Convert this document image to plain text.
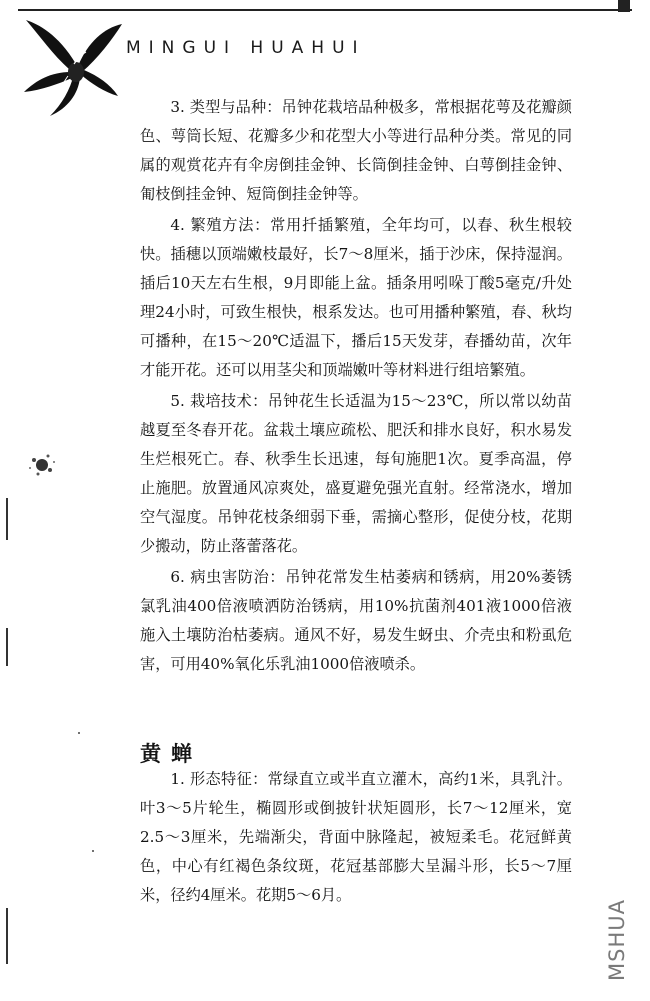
MINGUI HUAHUI

3. 类型与品种：吊钟花栽培品种极多，常根据花萼及花瓣颜色、萼筒长短、花瓣多少和花型大小等进行品种分类。常见的同属的观赏花卉有伞房倒挂金钟、长筒倒挂金钟、白萼倒挂金钟、匍枝倒挂金钟、短筒倒挂金钟等。

4. 繁殖方法：常用扦插繁殖，全年均可，以春、秋生根较快。插穗以顶端嫩枝最好，长7～8厘米，插于沙床，保持湿润。插后10天左右生根，9月即能上盆。插条用吲哚丁酸5毫克/升处理24小时，可致生根快，根系发达。也可用播种繁殖，春、秋均可播种，在15～20℃适温下，播后15天发芽，春播幼苗，次年才能开花。还可以用茎尖和顶端嫩叶等材料进行组培繁殖。

5. 栽培技术：吊钟花生长适温为15～23℃，所以常以幼苗越夏至冬春开花。盆栽土壤应疏松、肥沃和排水良好，积水易发生烂根死亡。春、秋季生长迅速，每旬施肥1次。夏季高温，停止施肥。放置通风凉爽处，盛夏避免强光直射。经常浇水，增加空气湿度。吊钟花枝条细弱下垂，需摘心整形，促使分枝，花期少搬动，防止落蕾落花。

6. 病虫害防治：吊钟花常发生枯萎病和锈病，用20%萎锈氯乳油400倍液喷洒防治锈病，用10%抗菌剂401液1000倍液施入土壤防治枯萎病。通风不好，易发生蚜虫、介壳虫和粉虱危害，可用40%氧化乐乳油1000倍液喷杀。

黄蝉

1. 形态特征：常绿直立或半直立灌木，高约1米，具乳汁。叶3～5片轮生，椭圆形或倒披针状矩圆形，长7～12厘米，宽2.5～3厘米，先端渐尖，背面中脉隆起，被短柔毛。花冠鲜黄色，中心有红褐色条纹斑，花冠基部膨大呈漏斗形，长5～7厘米，径约4厘米。花期5～6月。

MSHUA
